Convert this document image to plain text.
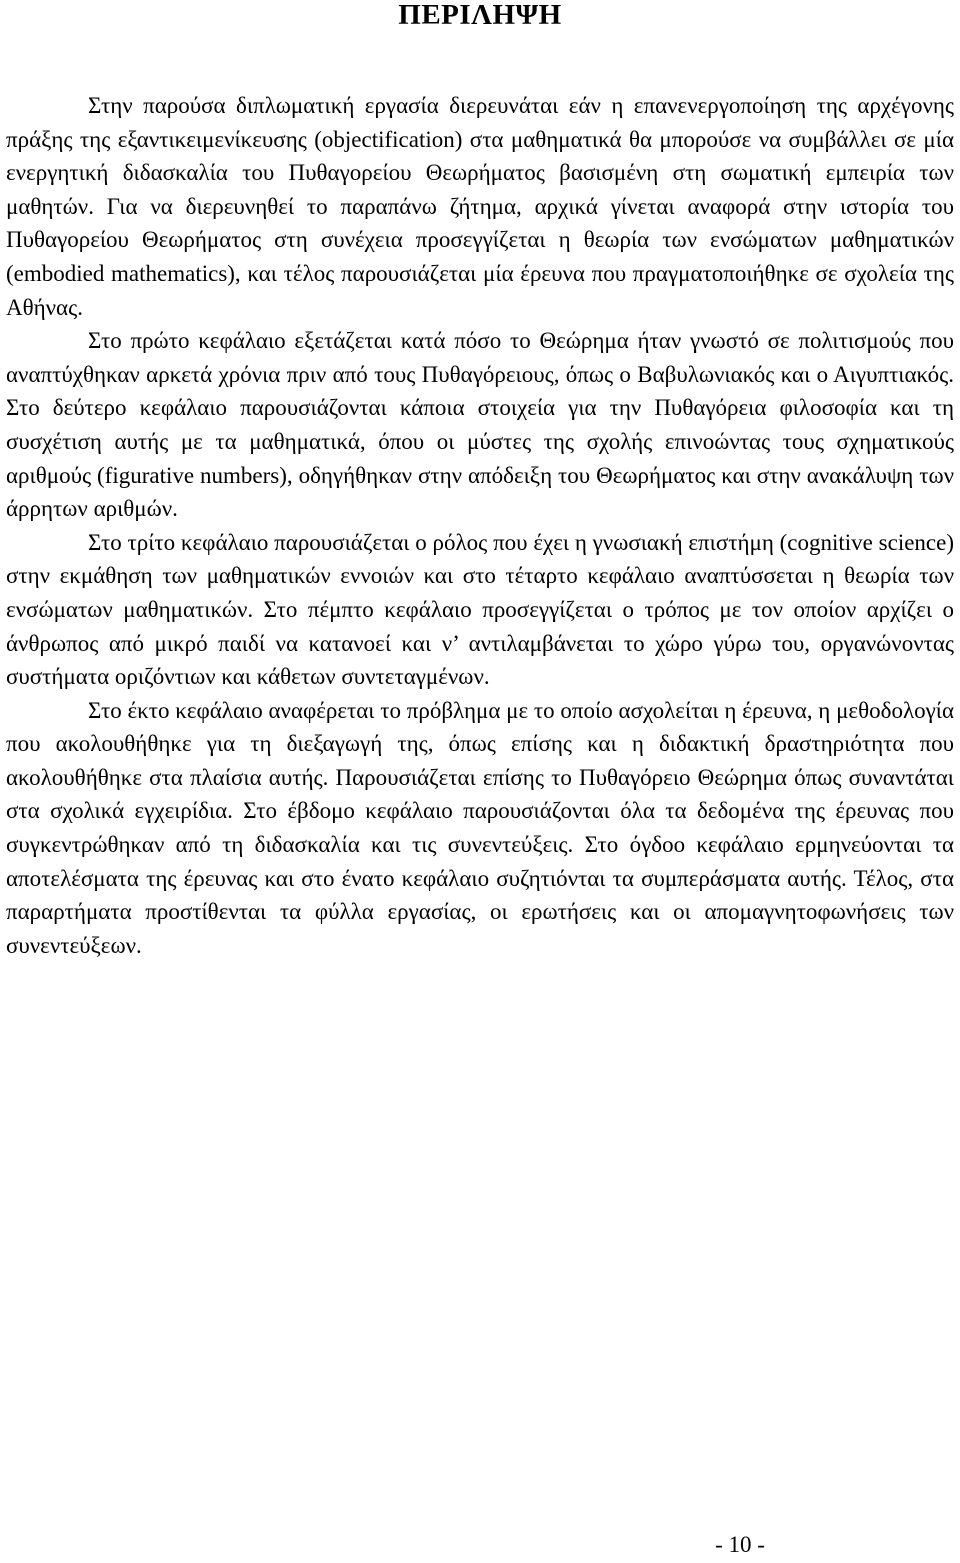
ΠΕΡΙΛΗΨΗ

Στην παρούσα διπλωματική εργασία διερευνάται εάν η επανενεργοποίηση της αρχέγονης πράξης της εξαντικειμενίκευσης (objectification) στα μαθηματικά θα μπορούσε να συμβάλλει σε μία ενεργητική διδασκαλία του Πυθαγορείου Θεωρήματος βασισμένη στη σωματική εμπειρία των μαθητών. Για να διερευνηθεί το παραπάνω ζήτημα, αρχικά γίνεται αναφορά στην ιστορία του Πυθαγορείου Θεωρήματος στη συνέχεια προσεγγίζεται η θεωρία των ενσώματων μαθηματικών (embodied mathematics), και τέλος παρουσιάζεται μία έρευνα που πραγματοποιήθηκε σε σχολεία της Αθήνας.

Στο πρώτο κεφάλαιο εξετάζεται κατά πόσο το Θεώρημα ήταν γνωστό σε πολιτισμούς που αναπτύχθηκαν αρκετά χρόνια πριν από τους Πυθαγόρειους, όπως ο Βαβυλωνιακός και ο Αιγυπτιακός. Στο δεύτερο κεφάλαιο παρουσιάζονται κάποια στοιχεία για την Πυθαγόρεια φιλοσοφία και τη συσχέτιση αυτής με τα μαθηματικά, όπου οι μύστες της σχολής επινοώντας τους σχηματικούς αριθμούς (figurative numbers), οδηγήθηκαν στην απόδειξη του Θεωρήματος και στην ανακάλυψη των άρρητων αριθμών.

Στο τρίτο κεφάλαιο παρουσιάζεται ο ρόλος που έχει η γνωσιακή επιστήμη (cognitive science) στην εκμάθηση των μαθηματικών εννοιών και στο τέταρτο κεφάλαιο αναπτύσσεται η θεωρία των ενσώματων μαθηματικών. Στο πέμπτο κεφάλαιο προσεγγίζεται ο τρόπος με τον οποίον αρχίζει ο άνθρωπος από μικρό παιδί να κατανοεί και ν’ αντιλαμβάνεται το χώρο γύρω του, οργανώνοντας συστήματα οριζόντιων και κάθετων συντεταγμένων.

Στο έκτο κεφάλαιο αναφέρεται το πρόβλημα με το οποίο ασχολείται η έρευνα, η μεθοδολογία που ακολουθήθηκε για τη διεξαγωγή της, όπως επίσης και η διδακτική δραστηριότητα που ακολουθήθηκε στα πλαίσια αυτής. Παρουσιάζεται επίσης το Πυθαγόρειο Θεώρημα όπως συναντάται στα σχολικά εγχειρίδια. Στο έβδομο κεφάλαιο παρουσιάζονται όλα τα δεδομένα της έρευνας που συγκεντρώθηκαν από τη διδασκαλία και τις συνεντεύξεις. Στο όγδοο κεφάλαιο ερμηνεύονται τα αποτελέσματα της έρευνας και στο ένατο κεφάλαιο συζητιόνται τα συμπεράσματα αυτής. Τέλος, στα παραρτήματα προστίθενται τα φύλλα εργασίας, οι ερωτήσεις και οι απομαγνητοφωνήσεις των συνεντεύξεων.

- 10 -
